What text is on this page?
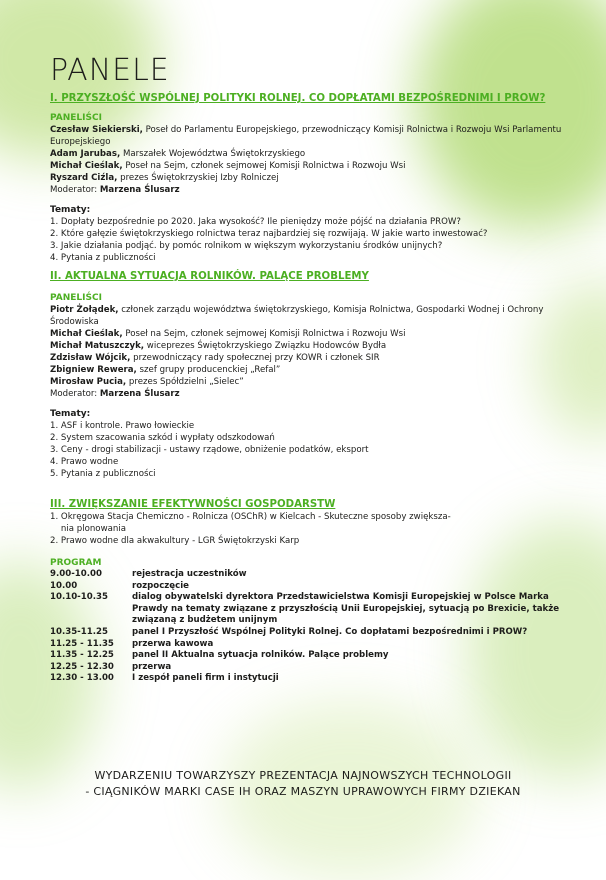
PANELE
I. PRZYSZŁOŚĆ WSPÓLNEJ POLITYKI ROLNEJ. CO DOPŁATAMI BEZPOŚREDNIMI I PROW?
PANELIŚCI
Czesław Siekierski, Poseł do Parlamentu Europejskiego, przewodniczący Komisji Rolnictwa i Rozwoju Wsi Parlamentu Europejskiego
Adam Jarubas, Marszałek Województwa Świętokrzyskiego
Michał Cieślak, Poseł na Sejm, członek sejmowej Komisji Rolnictwa i Rozwoju Wsi
Ryszard Ciźla, prezes Świętokrzyskiej Izby Rolniczej
Moderator: Marzena Ślusarz
Tematy:
1. Dopłaty bezpośrednie po 2020. Jaka wysokość? Ile pieniędzy może pójść na działania PROW?
2. Które gałęzie świętokrzyskiego rolnictwa teraz najbardziej się rozwijają. W jakie warto inwestować?
3. Jakie działania podjąć. by pomóc rolnikom w większym wykorzystaniu środków unijnych?
4. Pytania z publiczności
II. AKTUALNA SYTUACJA ROLNIKÓW. PALĄCE PROBLEMY
PANELIŚCI
Piotr Żołądek, członek zarządu województwa świętokrzyskiego, Komisja Rolnictwa, Gospodarki Wodnej i Ochrony Środowiska
Michał Cieślak, Poseł na Sejm, członek sejmowej Komisji Rolnictwa i Rozwoju Wsi
Michał Matuszczyk, wiceprezes Świętokrzyskiego Związku Hodowców Bydła
Zdzisław Wójcik, przewodniczący rady społecznej przy KOWR i członek SIR
Zbigniew Rewera, szef grupy producenckiej „Refal”
Mirosław Pucia, prezes Spółdzielni „Sielec”
Moderator: Marzena Ślusarz
Tematy:
1. ASF i kontrole. Prawo łowieckie
2. System szacowania szkód i wypłaty odszkodowań
3. Ceny - drogi stabilizacji - ustawy rządowe, obniżenie podatków, eksport
4. Prawo wodne
5. Pytania z publiczności
III. ZWIĘKSZANIE EFEKTYWNOŚCI GOSPODARSTW
1. Okręgowa Stacja Chemiczno - Rolnicza (OSChR) w Kielcach - Skuteczne sposoby zwiększa-
nia plonowania
2. Prawo wodne dla akwakultury - LGR Świętokrzyski Karp
PROGRAM
9.00-10.00	rejestracja uczestników
10.00	rozpoczęcie
10.10-10.35	dialog obywatelski dyrektora Przedstawicielstwa Komisji Europejskiej w Polsce Marka Prawdy na tematy związane z przyszłością Unii Europejskiej, sytuacją po Brexicie, także związaną z budżetem unijnym
10.35-11.25	panel I Przyszłość Wspólnej Polityki Rolnej. Co dopłatami bezpośrednimi i PROW?
11.25 - 11.35	przerwa kawowa
11.35 - 12.25	panel II Aktualna sytuacja rolników. Palące problemy
12.25 - 12.30	przerwa
12.30 - 13.00	I zespół paneli firm i instytucji
WYDARZENIU TOWARZYSZY PREZENTACJA NAJNOWSZYCH TECHNOLOGII
- CIĄGNIKÓW MARKI CASE IH ORAZ MASZYN UPRAWOWYCH FIRMY DZIEKAN
